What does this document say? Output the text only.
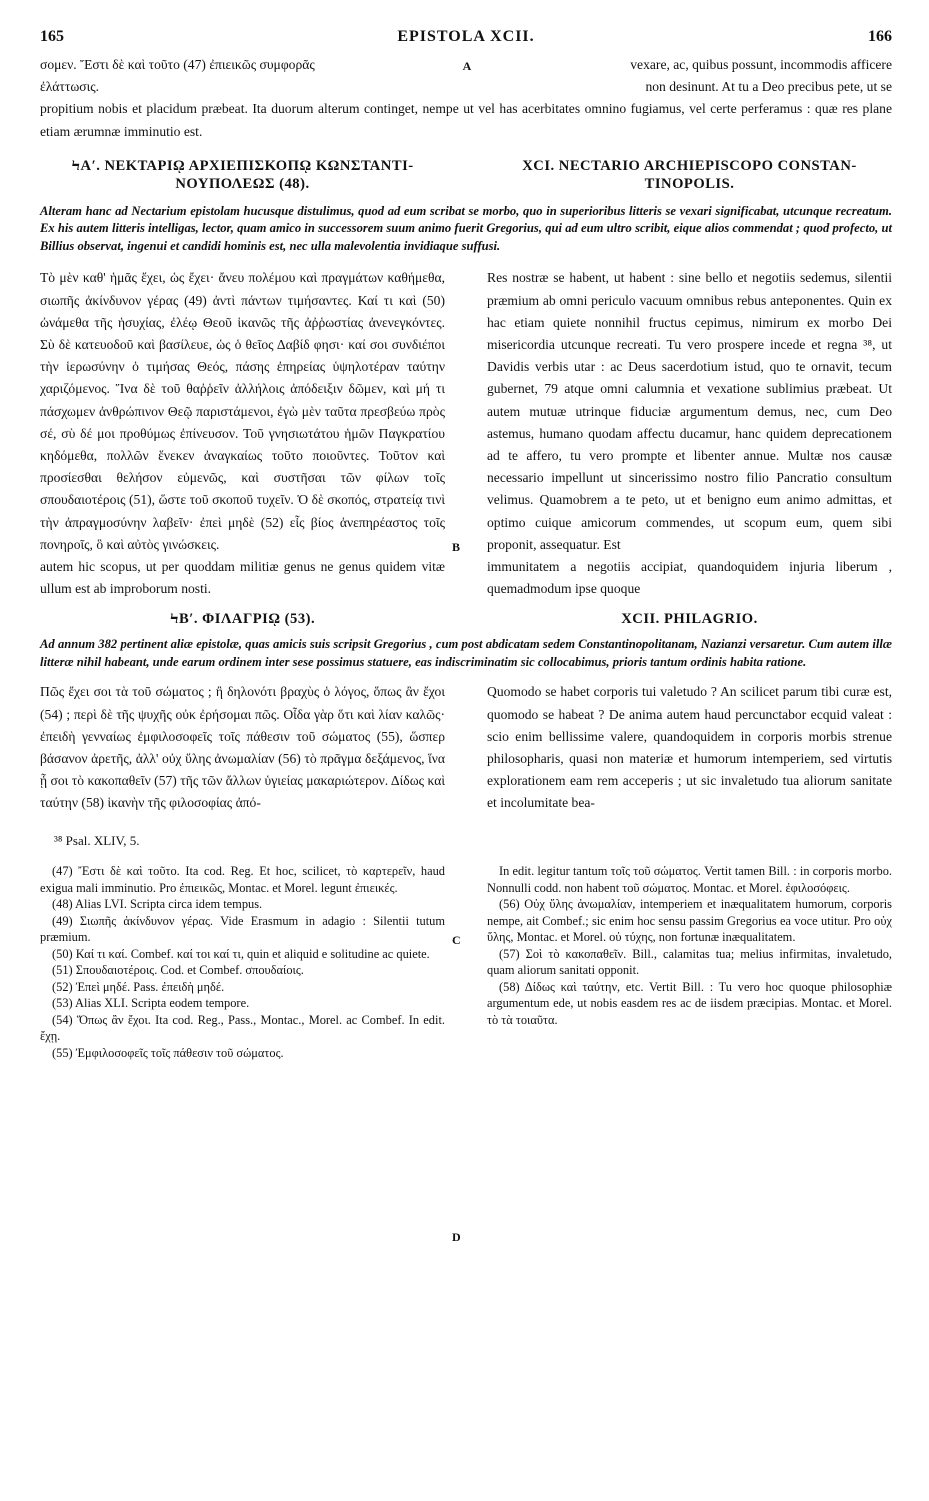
165	EPISTOLA XCII.	166

σομεν. Ἔστι δὲ καὶ τοῦτο (47) ἐπιεικῶς συμφορᾶς

ἐλάττωσις.

A	vexare, ac, quibus possunt, incommodis afficere

non desinunt. At tu a Deo precibus pete, ut se

propitium nobis et placidum præbeat. Ita duorum alterum continget, nempe ut vel has acerbitates omnino fugiamus, vel certe perferamus : quæ res plane etiam ærumnæ imminutio est.

ϞΑʹ. ΝΕΚΤΑΡΙῼ ΑΡΧΙΕΠΙΣΚΟΠῼ ΚΩΝΣΤΑΝΤΙ-ΝΟΥΠΟΛΕΩΣ (48).
XCI. NECTARIO ARCHIEPISCOPO CONSTAN-TINOPOLIS.

Alteram hanc ad Nectarium epistolam hucusque distulimus, quod ad eum scribat se morbo, quo in superioribus litteris se vexari significabat, utcunque recreatum. Ex his autem litteris intelligas, lector, quam amico in successorem suum animo fuerit Gregorius, qui ad eum ultro scribit, eique alios commendat ; quod profecto, ut Billius observat, ingenui et candidi hominis est, nec ulla malevolentia invidiaque suffusi.

Τὸ μὲν καθ' ἡμᾶς ἔχει, ὡς ἔχει· ἄνευ πολέμου καὶ πραγμάτων καθήμεθα, σιωπῆς ἀκίνδυνον γέρας (49) ἀντὶ πάντων τιμήσαντες. Καί τι καὶ (50) ὠνάμεθα τῆς ἡσυχίας, ἐλέῳ Θεοῦ ἱκανῶς τῆς ἀῤῥωστίας ἀνενεγκόντες. Σὺ δὲ κατευοδοῦ καὶ βασίλευε, ὡς ὁ θεῖος Δαβίδ φησι· καί σοι συνδιέποι τὴν ἱερωσύνην ὁ τιμήσας Θεός, πάσης ἐπηρείας ὑψηλοτέραν ταύτην χαριζόμενος. Ἵνα δὲ τοῦ θαῤῥεῖν ἀλλήλοις ἀπόδειξιν δῶμεν, καὶ μή τι πάσχωμεν ἀνθρώπινον Θεῷ παριστάμενοι, ἐγὼ μὲν ταῦτα πρεσβεύω πρὸς σέ, σὺ δέ μοι προθύμως ἐπίνευσον. Τοῦ γνησιωτάτου ἡμῶν Παγκρατίου κηδόμεθα, πολλῶν ἕνεκεν ἀναγκαίως τοῦτο ποιοῦντες. Τοῦτον καὶ προσίεσθαι θελήσον εὐμενῶς, καὶ συστῆσαι τῶν φίλων τοῖς σπουδαιοτέροις (51), ὥστε τοῦ σκοποῦ τυχεῖν. Ὁ δὲ σκοπός, στρατείᾳ τινὶ τὴν ἀπραγμοσύνην λαβεῖν· ἐπεὶ μηδὲ (52) εἷς βίος ἀνεπηρέαστος τοῖς πονηροῖς, ὃ καὶ αὐτὸς γινώσκεις.	B

Res nostræ se habent, ut habent : sine bello et negotiis sedemus, silentii præmium ab omni periculo vacuum omnibus rebus anteponentes. Quin ex hac etiam quiete nonnihil fructus cepimus, nimirum ex morbo Dei misericordia utcunque recreati. Tu vero prospere incede et regna ³⁸, ut Davidis verbis utar : ac Deus sacerdotium istud, quo te ornavit, tecum gubernet, 79 atque omni calumnia et vexatione sublimius præbeat. Ut autem mutuæ utrinque fiduciæ argumentum demus, nec, cum Deo astemus, humano quodam affectu ducamur, hanc quidem deprecationem ad te affero, tu vero prompte et libenter annue. Multæ nos causæ necessario impellunt ut sincerissimo nostro filio Pancratio consultum velimus. Quamobrem a te peto, ut et benigno eum animo admittas, et optimo cuique amicorum commendes, ut scopum eum, quem sibi proponit, assequatur. Est

autem hic scopus, ut per quoddam militiæ genus ne genus quidem vitæ ullum est ab improborum nosti.

immunitatem a negotiis accipiat, quandoquidem injuria liberum , quemadmodum ipse quoque

ϞΒʹ. ΦΙΛΑΓΡΙῼ (53).	XCII. PHILAGRIO.

Ad annum 382 pertinent aliæ epistolæ, quas amicis suis scripsit Gregorius , cum post abdicatam sedem Constantinopolitanam, Nazianzi versaretur. Cum autem illæ litteræ nihil habeant, unde earum ordinem inter sese possimus statuere, eas indiscriminatim sic collocabimus, prioris tantum ordinis habita ratione.

Πῶς ἔχει σοι τὰ τοῦ σώματος ; ἢ δηλονότι βραχὺς ὁ λόγος, ὅπως ἂν ἔχοι (54) ; περὶ δὲ τῆς ψυχῆς οὐκ ἐρήσομαι πῶς. Οἶδα γὰρ ὅτι καὶ λίαν καλῶς· ἐπειδὴ γενναίως ἐμφιλοσοφεῖς τοῖς πάθεσιν τοῦ σώματος (55), ὥσπερ βάσανον ἀρετῆς, ἀλλ' οὐχ ὕλης ἀνωμαλίαν (56) τὸ πρᾶγμα δεξάμενος, ἵνα ᾖ σοι τὸ κακοπαθεῖν (57) τῆς τῶν ἄλλων ὑγιείας μακαριώτερον. Δίδως καὶ ταύτην (58) ἱκανὴν τῆς φιλοσοφίας ἀπό-

C

Quomodo se habet corporis tui valetudo ? An scilicet parum tibi curæ est, quomodo se habeat ? De anima autem haud percunctabor ecquid valeat : scio enim bellissime valere, quandoquidem in corporis morbis strenue philosopharis, quasi non materiæ et humorum intemperiem, sed virtutis explorationem eam rem acceperis ; ut sic invaletudo tua aliorum sanitate et incolumitate bea-

³⁸ Psal. XLIV, 5.

(47) Ἔστι δὲ καὶ τοῦτο. Ita cod. Reg. Et hoc, scilicet, τὸ καρτερεῖν, haud exigua mali imminutio. Pro ἐπιεικῶς, Montac. et Morel. legunt ἐπιεικές.

(48) Alias LVI. Scripta circa idem tempus.

(49) Σιωπῆς ἀκίνδυνον γέρας. Vide Erasmum in adagio : Silentii tutum præmium.

(50) Καί τι καί. Combef. καί τοι καί τι, quin et aliquid e solitudine ac quiete.

(51) Σπουδαιοτέροις. Cod. et Combef. σπουδαίοις.

(52) Ἐπεὶ μηδέ. Pass. ἐπειδὴ μηδέ.

(53) Alias XLI. Scripta eodem tempore.

(54) Ὅπως ἂν ἔχοι. Ita cod. Reg., Pass., Montac., Morel. ac Combef. In edit. ἔχῃ.

(55) Ἐμφιλοσοφεῖς τοῖς πάθεσιν τοῦ σώματος.

D

In edit. legitur tantum τοῖς τοῦ σώματος. Vertit tamen Bill. : in corporis morbo. Nonnulli codd. non habent τοῦ σώματος. Montac. et Morel. ἐφιλοσόφεις.

(56) Οὐχ ὕλης ἀνωμαλίαν, intemperiem et inæqualitatem humorum, corporis nempe, ait Combef.; sic enim hoc sensu passim Gregorius ea voce utitur. Pro οὐχ ὕλης, Montac. et Morel. οὐ τύχης, non fortunæ inæqualitatem.

(57) Σοὶ τὸ κακοπαθεῖν. Bill., calamitas tua; melius infirmitas, invaletudo, quam aliorum sanitati opponit.

(58) Δίδως καὶ ταύτην, etc. Vertit Bill. : Tu vero hoc quoque philosophiæ argumentum ede, ut nobis easdem res ac de iisdem præcipias. Montac. et Morel. τὸ τὰ τοιαῦτα.
